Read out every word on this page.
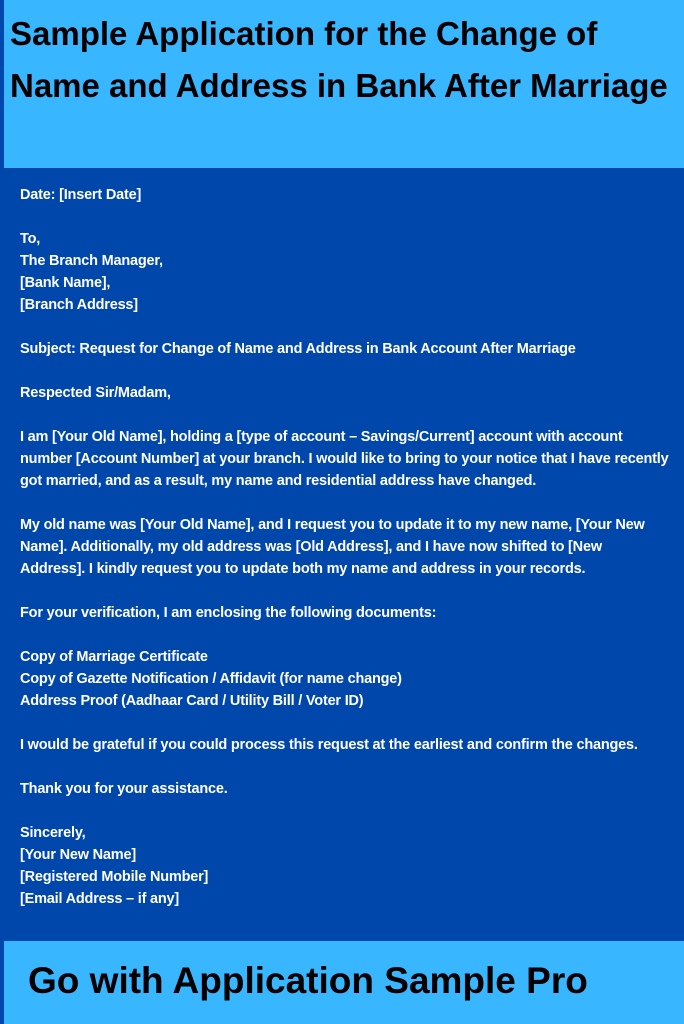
Sample Application for the Change of Name and Address in Bank After Marriage
Date: [Insert Date]
To,
The Branch Manager,
[Bank Name],
[Branch Address]
Subject: Request for Change of Name and Address in Bank Account After Marriage
Respected Sir/Madam,
I am [Your Old Name], holding a [type of account – Savings/Current] account with account number [Account Number] at your branch. I would like to bring to your notice that I have recently got married, and as a result, my name and residential address have changed.
My old name was [Your Old Name], and I request you to update it to my new name, [Your New Name]. Additionally, my old address was [Old Address], and I have now shifted to [New Address]. I kindly request you to update both my name and address in your records.
For your verification, I am enclosing the following documents:
Copy of Marriage Certificate
Copy of Gazette Notification / Affidavit (for name change)
Address Proof (Aadhaar Card / Utility Bill / Voter ID)
I would be grateful if you could process this request at the earliest and confirm the changes.
Thank you for your assistance.
Sincerely,
[Your New Name]
[Registered Mobile Number]
[Email Address – if any]
Go with Application Sample Pro
